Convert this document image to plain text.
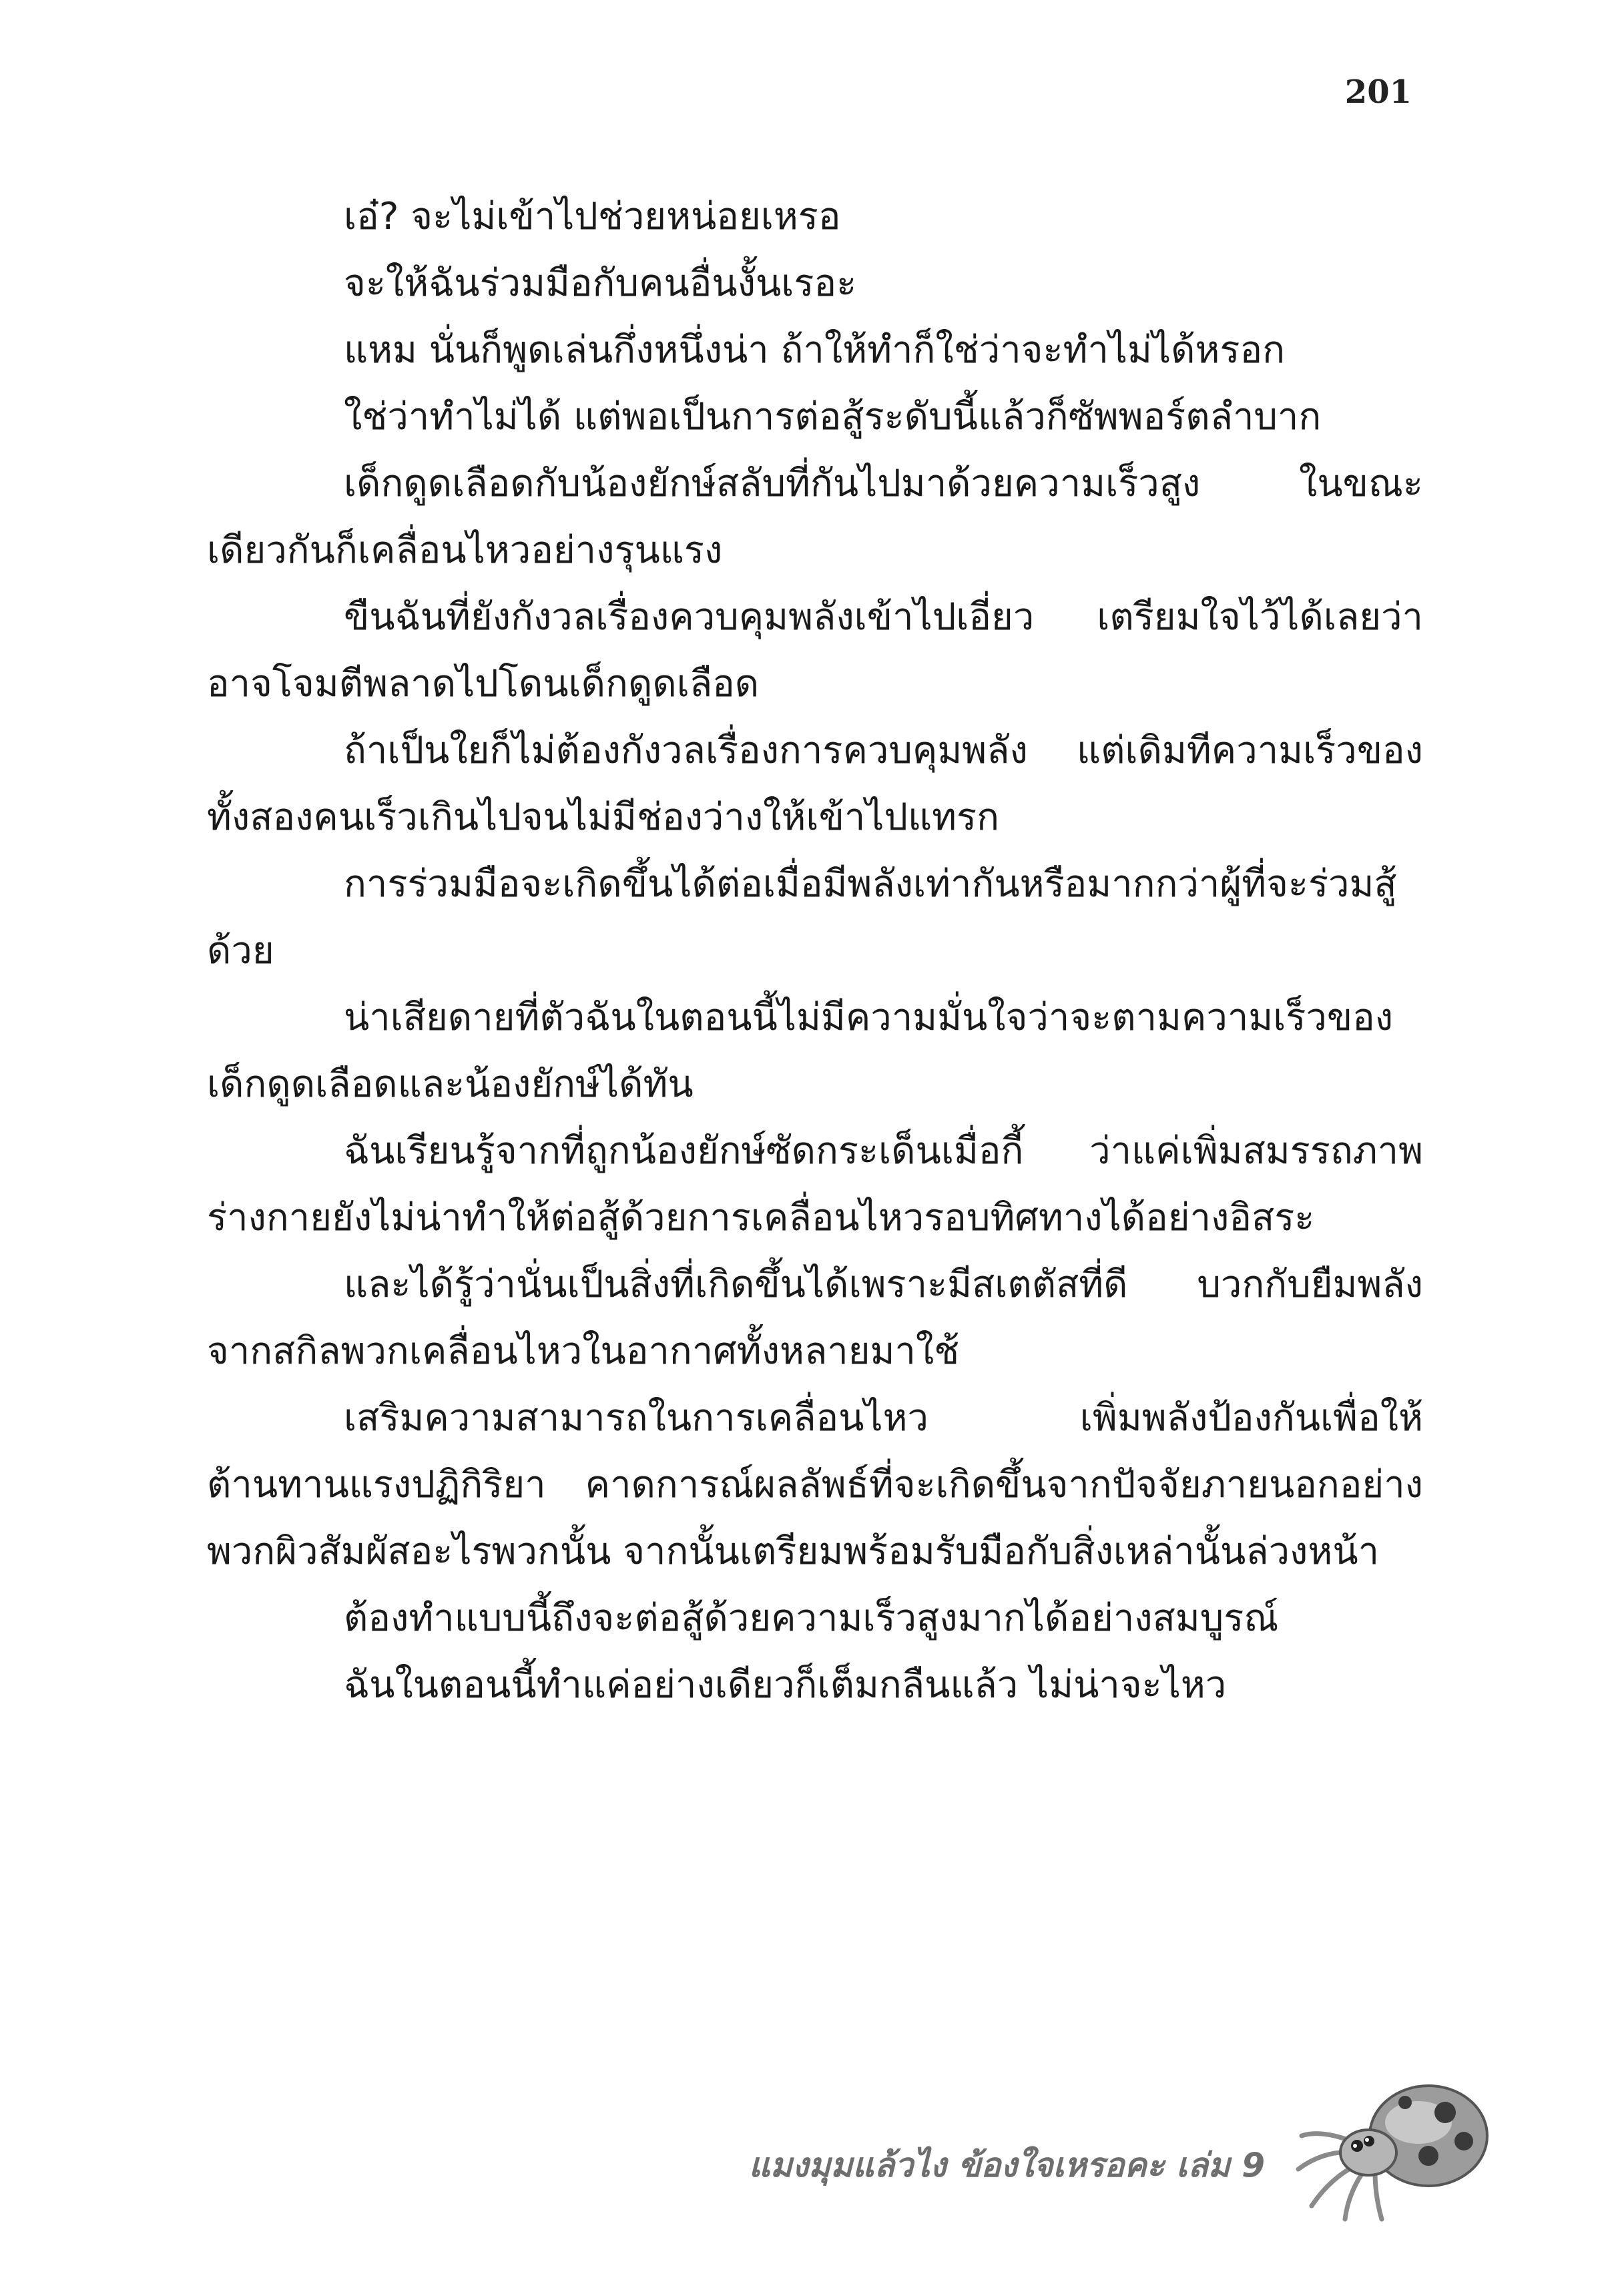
201

เอ๋? จะไม่เข้าไปช่วยหน่อยเหรอ

จะให้ฉันร่วมมือกับคนอื่นงั้นเรอะ

แหม นั่นก็พูดเล่นกึ่งหนึ่งน่า ถ้าให้ทำก็ใช่ว่าจะทำไม่ได้หรอก

ใช่ว่าทำไม่ได้ แต่พอเป็นการต่อสู้ระดับนี้แล้วก็ซัพพอร์ตลำบาก

เด็กดูดเลือดกับน้องยักษ์สลับที่กันไปมาด้วยความเร็วสูง ในขณะเดียวกันก็เคลื่อนไหวอย่างรุนแรง

ขืนฉันที่ยังกังวลเรื่องควบคุมพลังเข้าไปเอี่ยว เตรียมใจไว้ได้เลยว่าอาจโจมตีพลาดไปโดนเด็กดูดเลือด

ถ้าเป็นใยก็ไม่ต้องกังวลเรื่องการควบคุมพลัง แต่เดิมทีความเร็วของทั้งสองคนเร็วเกินไปจนไม่มีช่องว่างให้เข้าไปแทรก

การร่วมมือจะเกิดขึ้นได้ต่อเมื่อมีพลังเท่ากันหรือมากกว่าผู้ที่จะร่วมสู้ด้วย

น่าเสียดายที่ตัวฉันในตอนนี้ไม่มีความมั่นใจว่าจะตามความเร็วของเด็กดูดเลือดและน้องยักษ์ได้ทัน

ฉันเรียนรู้จากที่ถูกน้องยักษ์ซัดกระเด็นเมื่อกี้ ว่าแค่เพิ่มสมรรถภาพร่างกายยังไม่น่าทำให้ต่อสู้ด้วยการเคลื่อนไหวรอบทิศทางได้อย่างอิสระ

และได้รู้ว่านั่นเป็นสิ่งที่เกิดขึ้นได้เพราะมีสเตตัสที่ดี บวกกับยืมพลังจากสกิลพวกเคลื่อนไหวในอากาศทั้งหลายมาใช้

เสริมความสามารถในการเคลื่อนไหว เพิ่มพลังป้องกันเพื่อให้ต้านทานแรงปฏิกิริยา คาดการณ์ผลลัพธ์ที่จะเกิดขึ้นจากปัจจัยภายนอกอย่างพวกผิวสัมผัสอะไรพวกนั้น จากนั้นเตรียมพร้อมรับมือกับสิ่งเหล่านั้นล่วงหน้า

ต้องทำแบบนี้ถึงจะต่อสู้ด้วยความเร็วสูงมากได้อย่างสมบูรณ์

ฉันในตอนนี้ทำแค่อย่างเดียวก็เต็มกลืนแล้ว ไม่น่าจะไหว

แมงมุมแล้วไง ข้องใจเหรอคะ เล่ม 9
